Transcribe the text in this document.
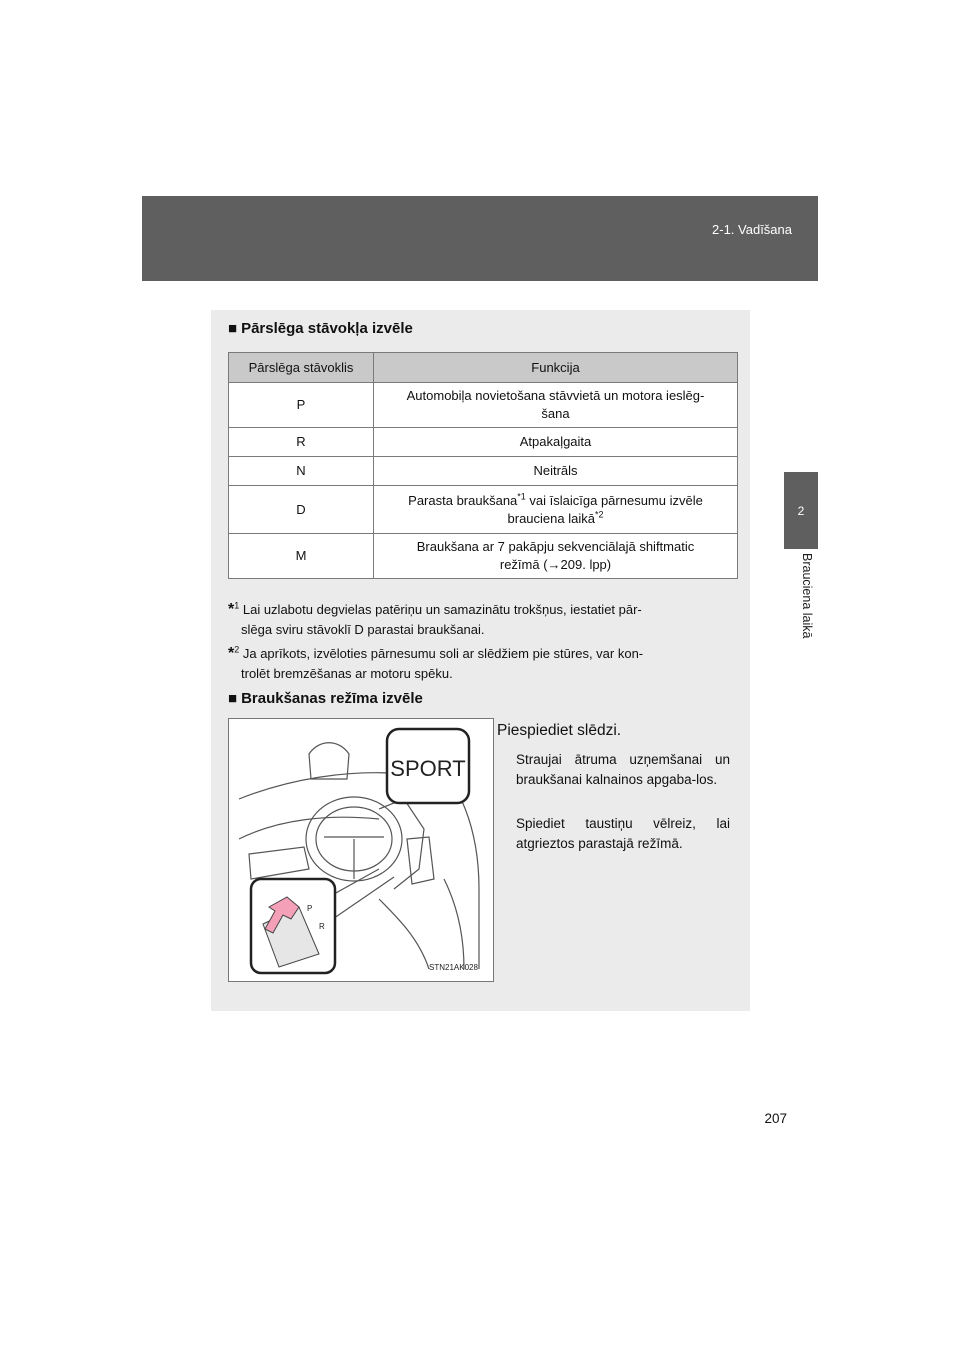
2-1. Vadīšana
2
Brauciena laikā
■ Pārslēga stāvokļa izvēle
Pārslēga stāvoklis	Funkcija
P	Automobiļa novietošana stāvvietā un motora ieslēg-
šana

R	Atpakaļgaita
N	Neitrāls
D	Parasta braukšana$^{*1}$ vai īslaicīga pārnesumu izvēle
brauciena laikā$^{*2}$

M	Braukšana ar 7 pakāpju sekvenciālajā shiftmatic
režīmā (→209. lpp)
*$^1$ Lai uzlabotu degvielas patēriņu un samazinātu trokšņus, iestatiet pār-
slēga sviru stāvoklī D parastai braukšanai.
*$^2$ Ja aprīkots, izvēloties pārnesumu soli ar slēdžiem pie stūres, var kon-
trolēt bremzēšanas ar motoru spēku.
■ Braukšanas režīma izvēle
Piespiediet slēdzi.
Straujai ātruma uzņemšanai un braukšanai kalnainos apgaba-los.
Spiediet taustiņu vēlreiz, lai atgrieztos parastajā režīmā.
SPORT
P
R
STN21AK028
207
